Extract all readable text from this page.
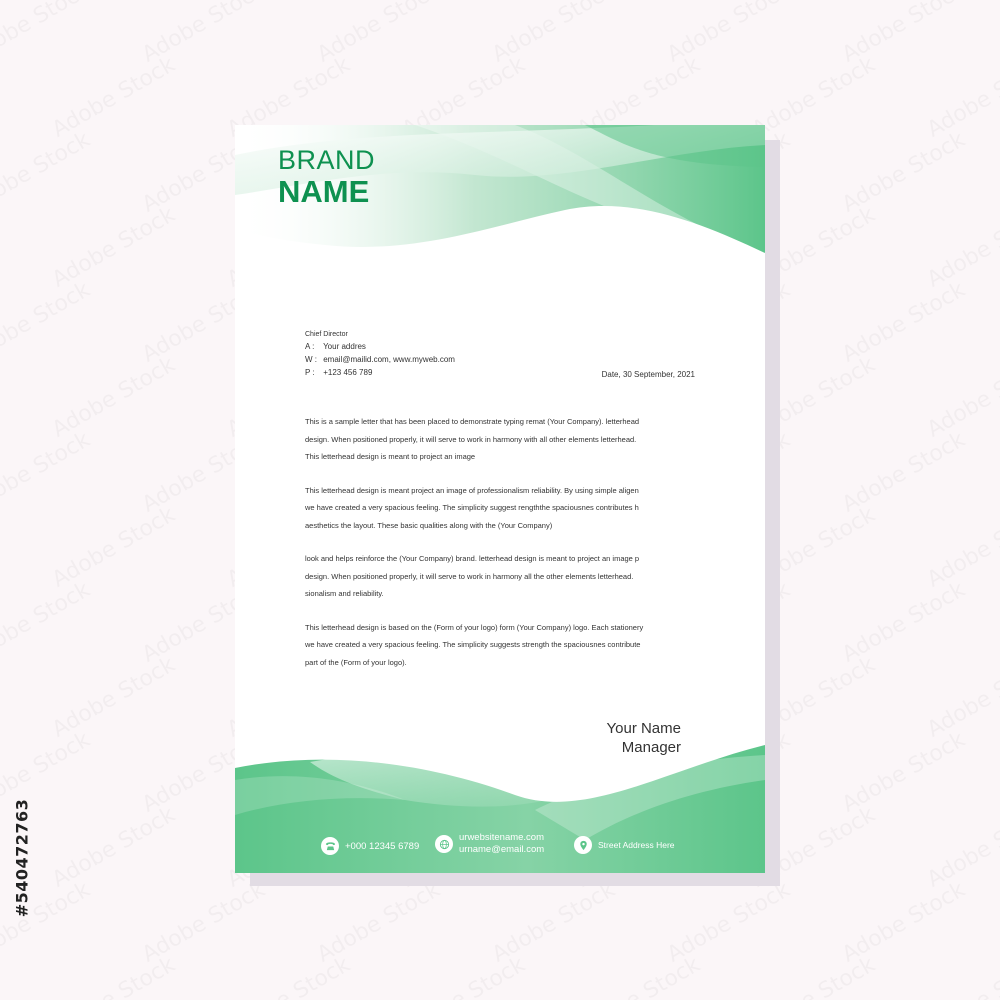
#540472763
BRAND
NAME
Chief Director
A : Your addres
W : email@mailid.com, www.myweb.com
P : +123 456 789	Date, 30 September, 2021

This is a sample letter that has been placed to demonstrate typing remat (Your Company). letterhead
design. When positioned properly, it will serve to work in harmony with all other elements letterhead.
This letterhead design is meant to project an image

This letterhead design is meant project an image of professionalism reliability. By using simple aligen
we have created a very spacious feeling. The simplicity suggest rengththe spaciousnes contributes h
aesthetics the layout. These basic qualities along with the (Your Company)

look and helps reinforce the (Your Company) brand. letterhead design is meant to project an image p
design. When positioned properly, it will serve to work in harmony all the other elements letterhead.
sionalism and reliability.

This letterhead design is based on the (Form of your logo) form (Your Company) logo. Each stationery
we have created a very spacious feeling. The simplicity suggests strength the spaciousnes contribute
part of the (Form of your logo).

Your Name
Manager
+000 12345 6789
urwebsitename.com
urname@email.com	Street Address Here
